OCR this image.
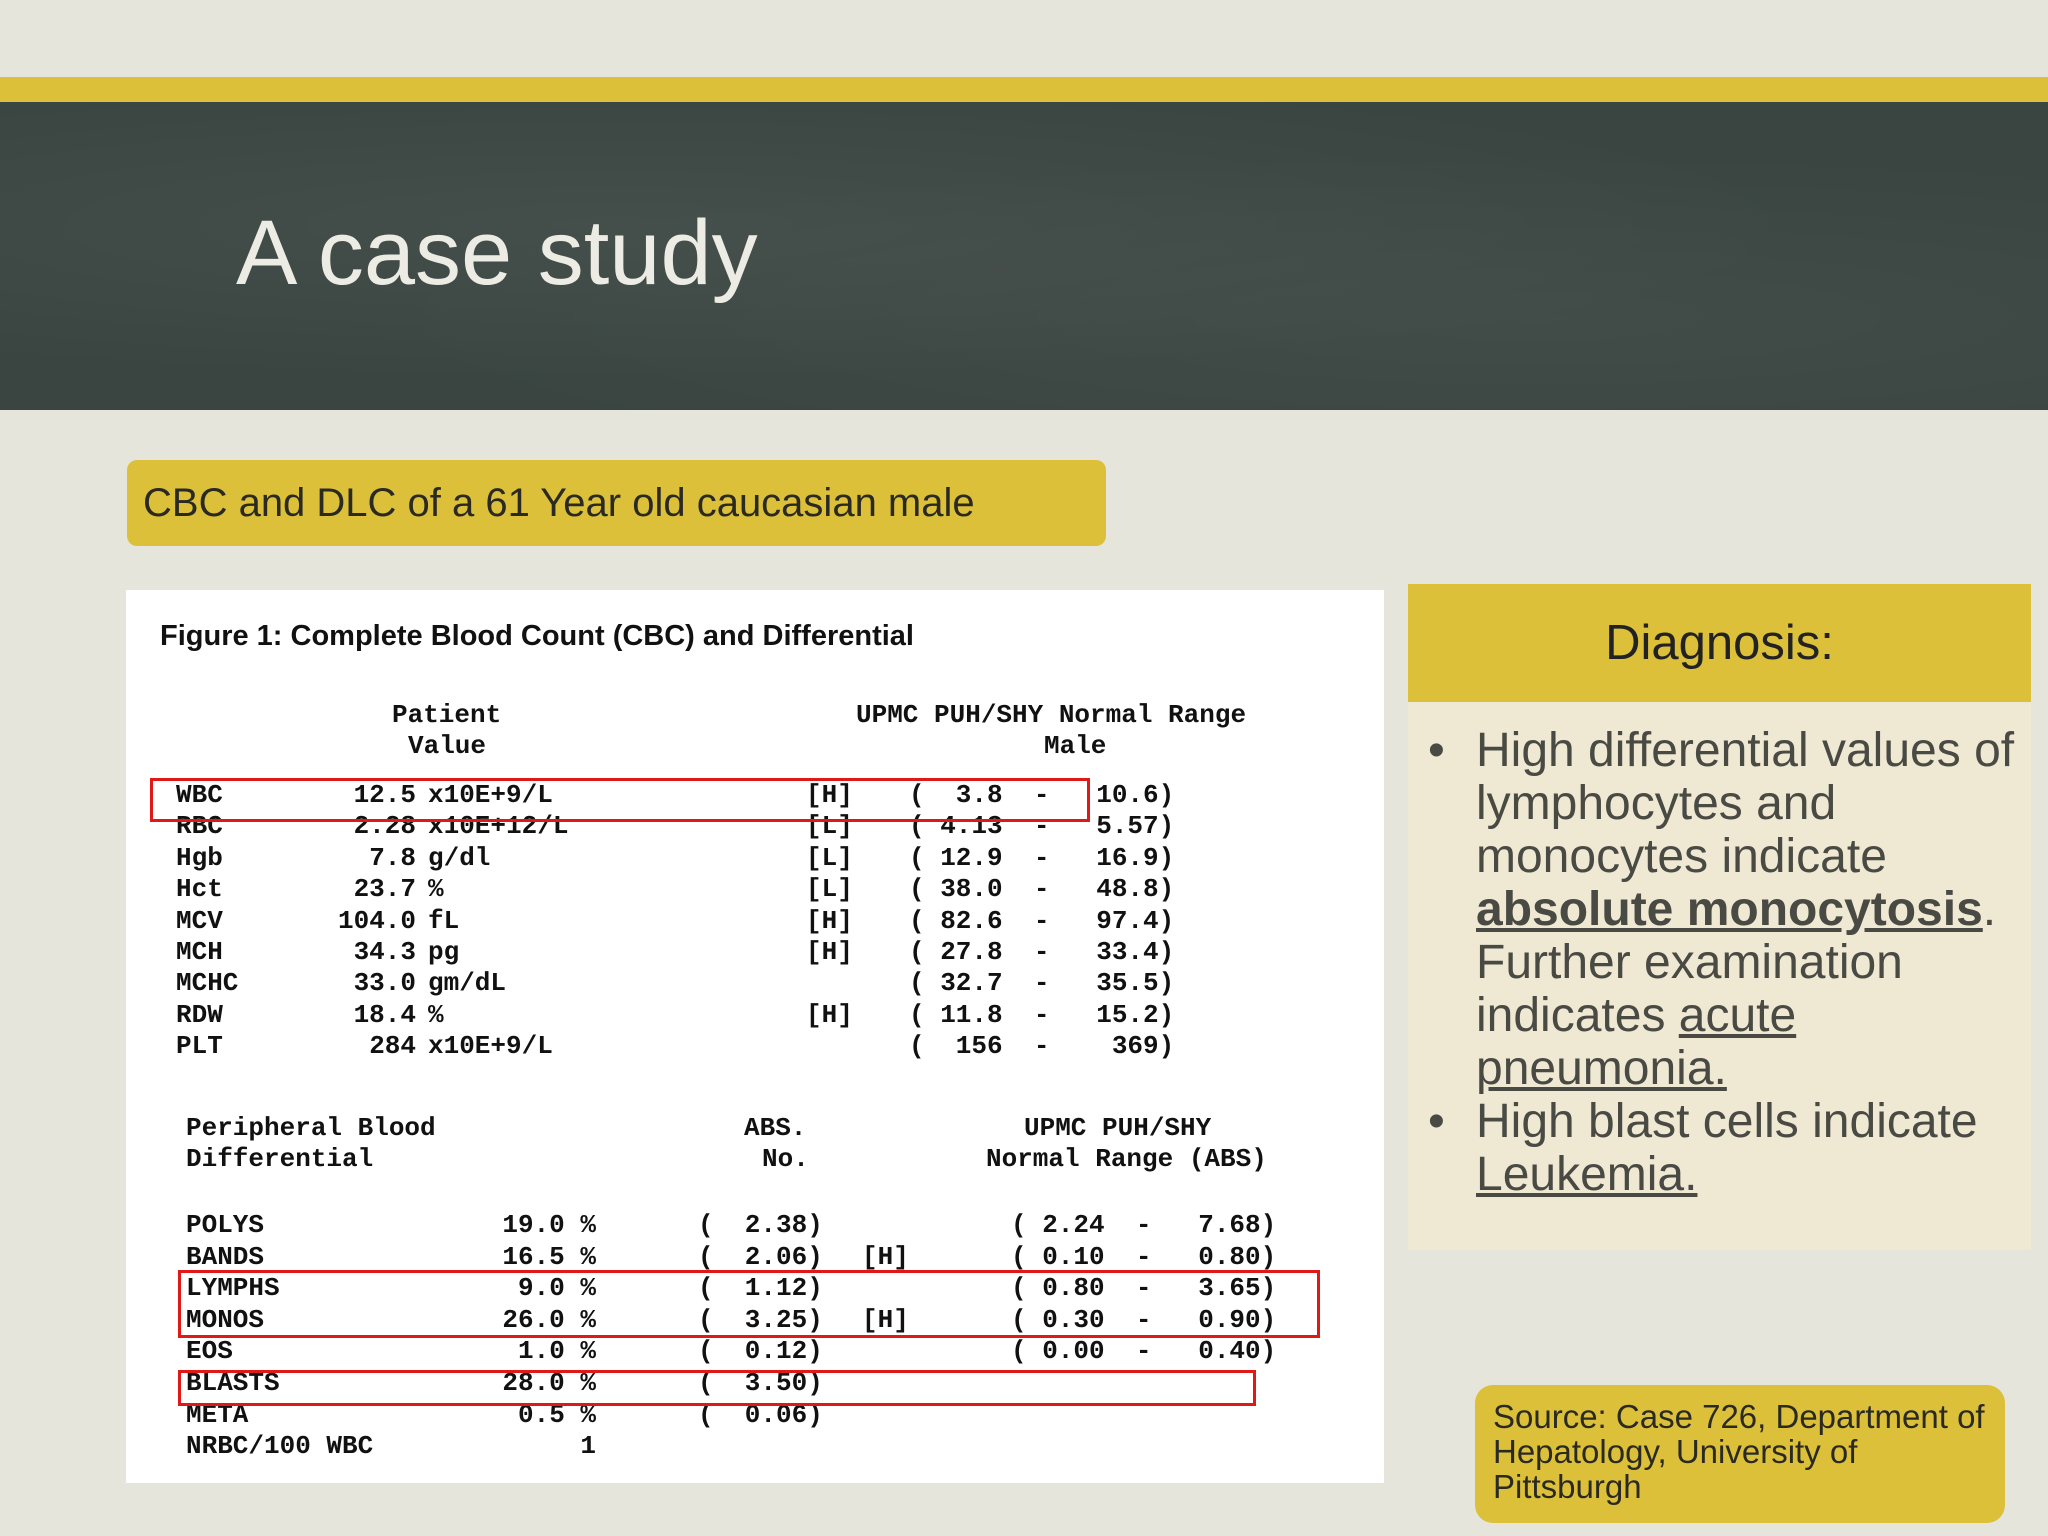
A case study
CBC and DLC of a 61 Year old caucasian male
Figure 1: Complete Blood Count (CBC) and Differential
Patient
Value
UPMC PUH/SHY Normal Range
Male
WBC	12.5 x10E+9/L	[H] (  3.8  -   10.6)
RBC	2.28 x10E+12/L	[L] ( 4.13  -   5.57)
Hgb	7.8 g/dl	[L] ( 12.9  -   16.9)
Hct	23.7 %	[L] ( 38.0  -   48.8)
MCV	104.0 fL	[H] ( 82.6  -   97.4)
MCH	34.3 pg	[H] ( 27.8  -   33.4)
MCHC	33.0 gm/dL	( 32.7  -   35.5)
RDW	18.4 %	[H] ( 11.8  -   15.2)
PLT	284 x10E+9/L	(  156  -    369)
Peripheral Blood
Differential
ABS.
No.
UPMC PUH/SHY
Normal Range (ABS)
POLYS	19.0 %	(  2.38)	( 2.24  -   7.68)
BANDS	16.5 %	(  2.06) [H]	( 0.10  -   0.80)
LYMPHS	9.0 %	(  1.12)	( 0.80  -   3.65)
MONOS	26.0 %	(  3.25) [H]	( 0.30  -   0.90)
EOS	1.0 %	(  0.12)	( 0.00  -   0.40)
BLASTS	28.0 %	(  3.50)
META	0.5 %	(  0.06)
NRBC/100 WBC	1
Diagnosis:
• High differential values of lymphocytes and monocytes indicate absolute monocytosis. Further examination indicates acute pneumonia.
• High blast cells indicate Leukemia.
Source: Case 726, Department of Hepatology, University of Pittsburgh
